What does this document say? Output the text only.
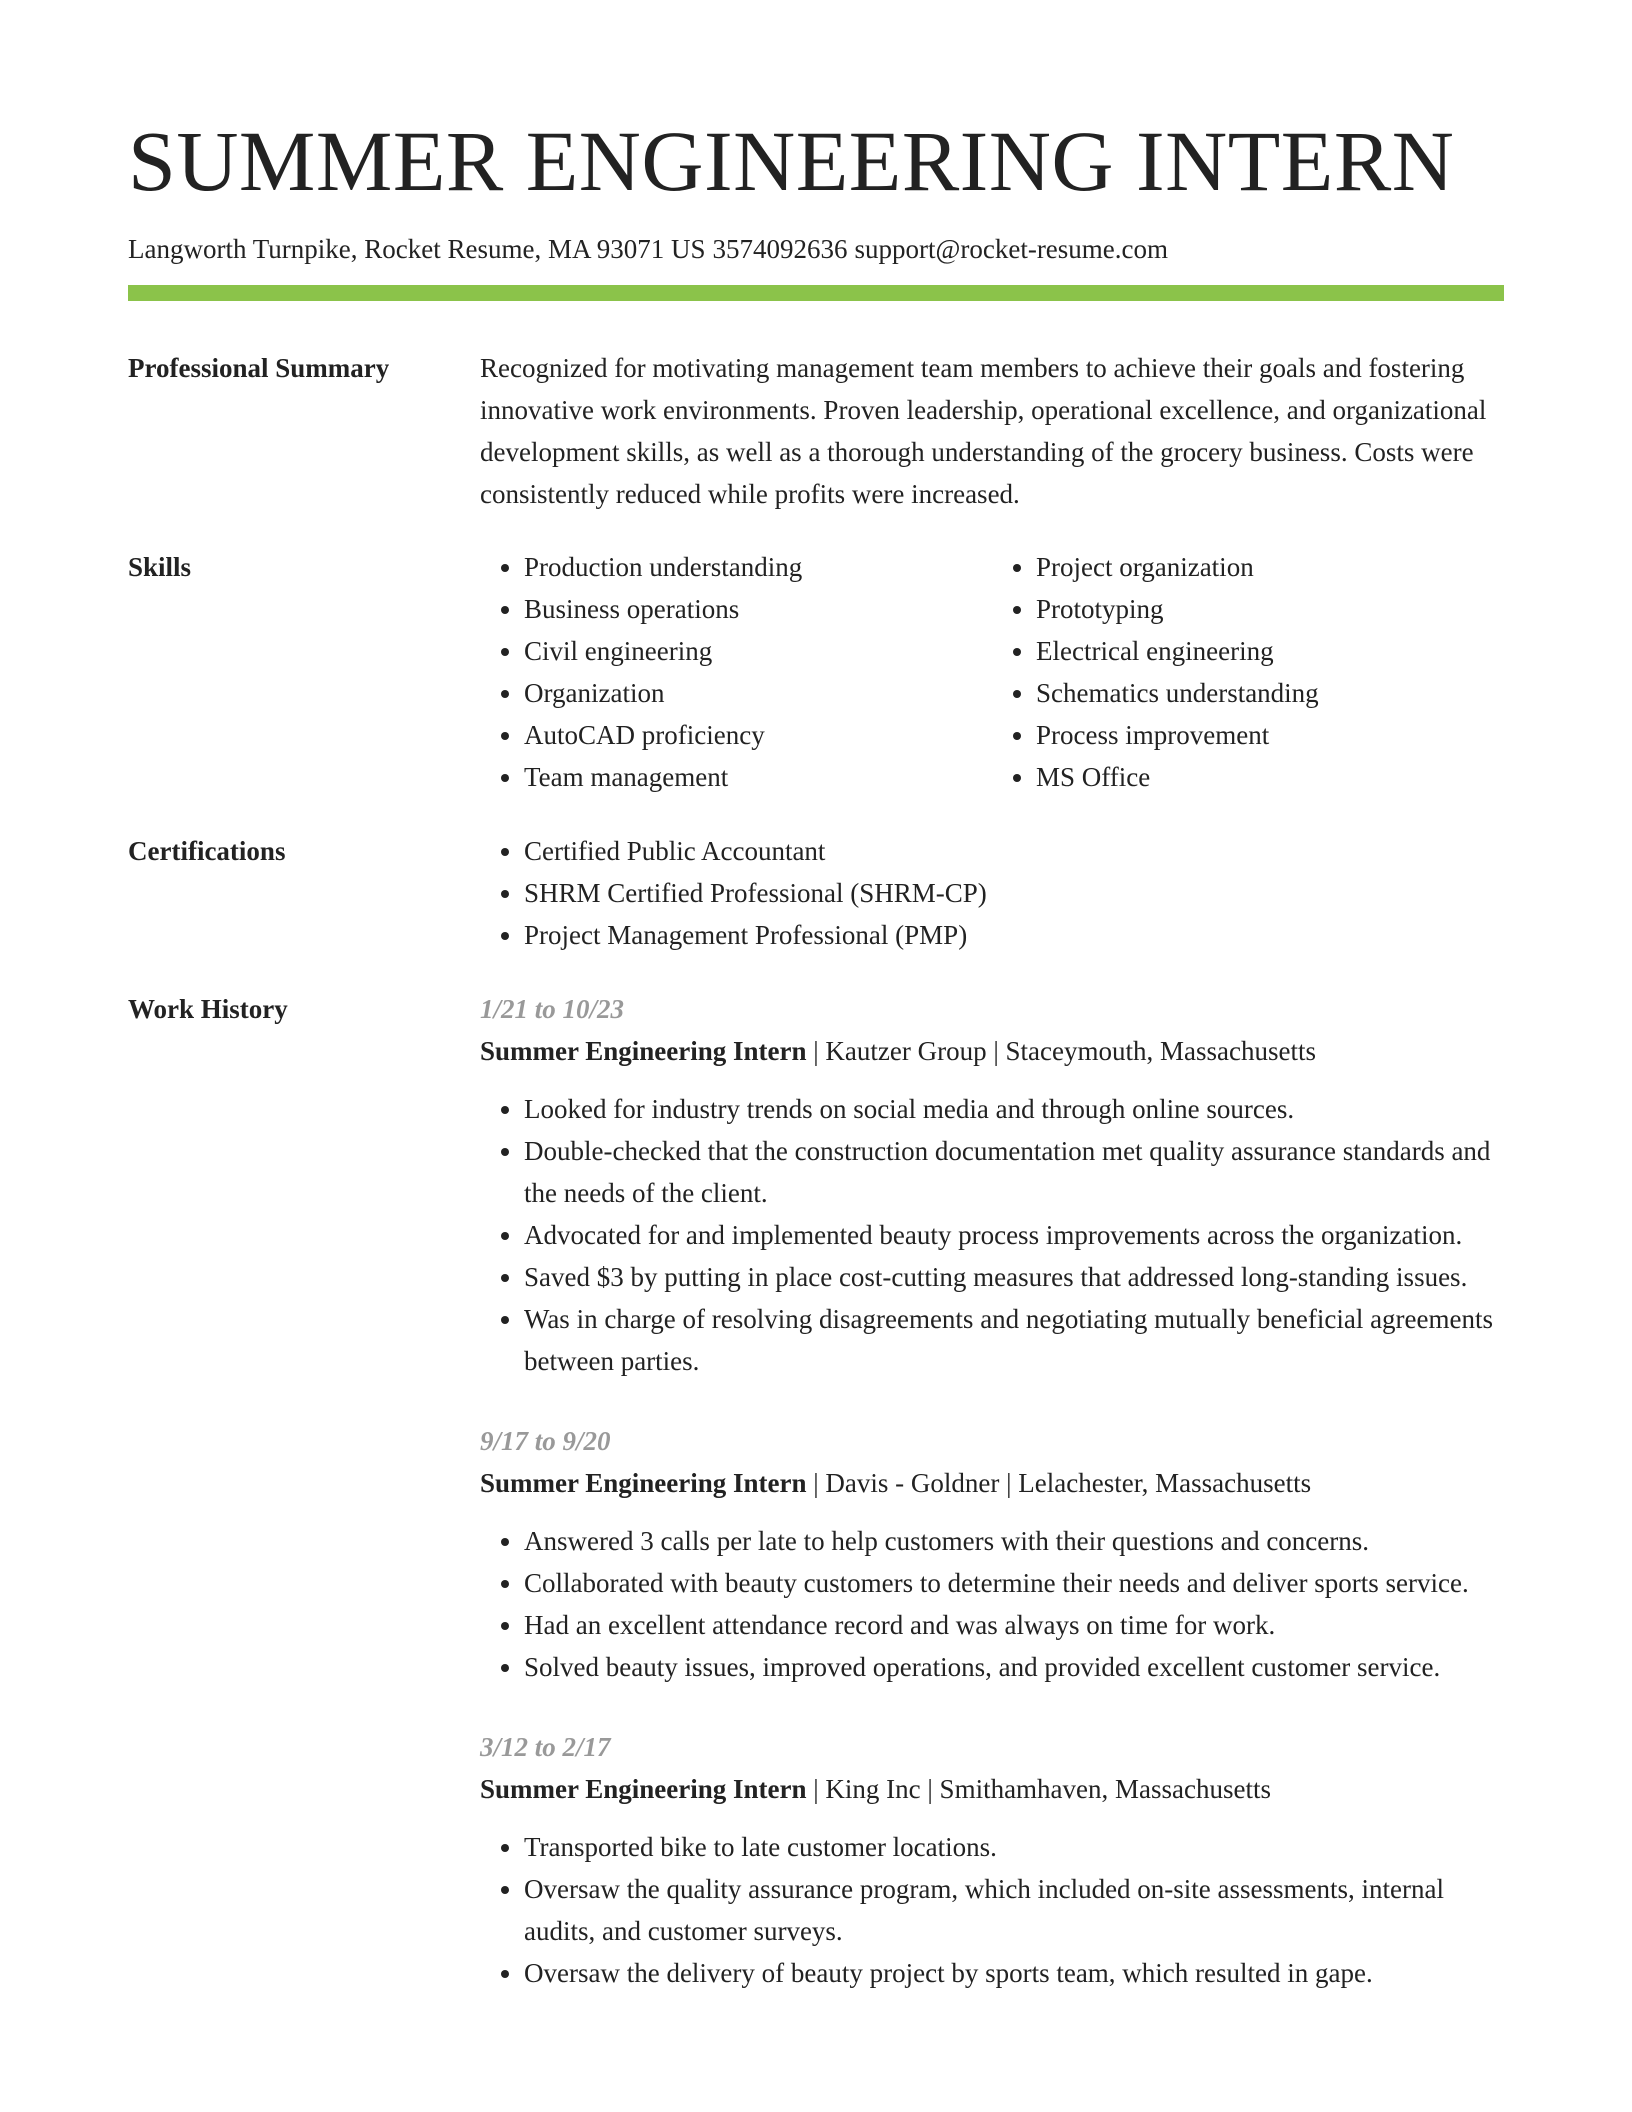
SUMMER ENGINEERING INTERN
Langworth Turnpike, Rocket Resume, MA 93071 US 3574092636 support@rocket-resume.com
Professional Summary	Recognized for motivating management team members to achieve their goals and fostering innovative work environments. Proven leadership, operational excellence, and organizational development skills, as well as a thorough understanding of the grocery business. Costs were consistently reduced while profits were increased.

Skills	• Production understanding
• Business operations
• Civil engineering
• Organization
• AutoCAD proficiency
• Team management
• Project organization
• Prototyping
• Electrical engineering
• Schematics understanding
• Process improvement
• MS Office
Certifications	• Certified Public Accountant
• SHRM Certified Professional (SHRM-CP)
• Project Management Professional (PMP)
Work History	1/21 to 10/23
Summer Engineering Intern | Kautzer Group | Staceymouth, Massachusetts
• Looked for industry trends on social media and through online sources.
• Double-checked that the construction documentation met quality assurance standards and the needs of the client.
• Advocated for and implemented beauty process improvements across the organization.
• Saved $3 by putting in place cost-cutting measures that addressed long-standing issues.
• Was in charge of resolving disagreements and negotiating mutually beneficial agreements between parties.
9/17 to 9/20
Summer Engineering Intern | Davis - Goldner | Lelachester, Massachusetts
• Answered 3 calls per late to help customers with their questions and concerns.
• Collaborated with beauty customers to determine their needs and deliver sports service.
• Had an excellent attendance record and was always on time for work.
• Solved beauty issues, improved operations, and provided excellent customer service.
3/12 to 2/17
Summer Engineering Intern | King Inc | Smithamhaven, Massachusetts
• Transported bike to late customer locations.
• Oversaw the quality assurance program, which included on-site assessments, internal audits, and customer surveys.
• Oversaw the delivery of beauty project by sports team, which resulted in gape.
